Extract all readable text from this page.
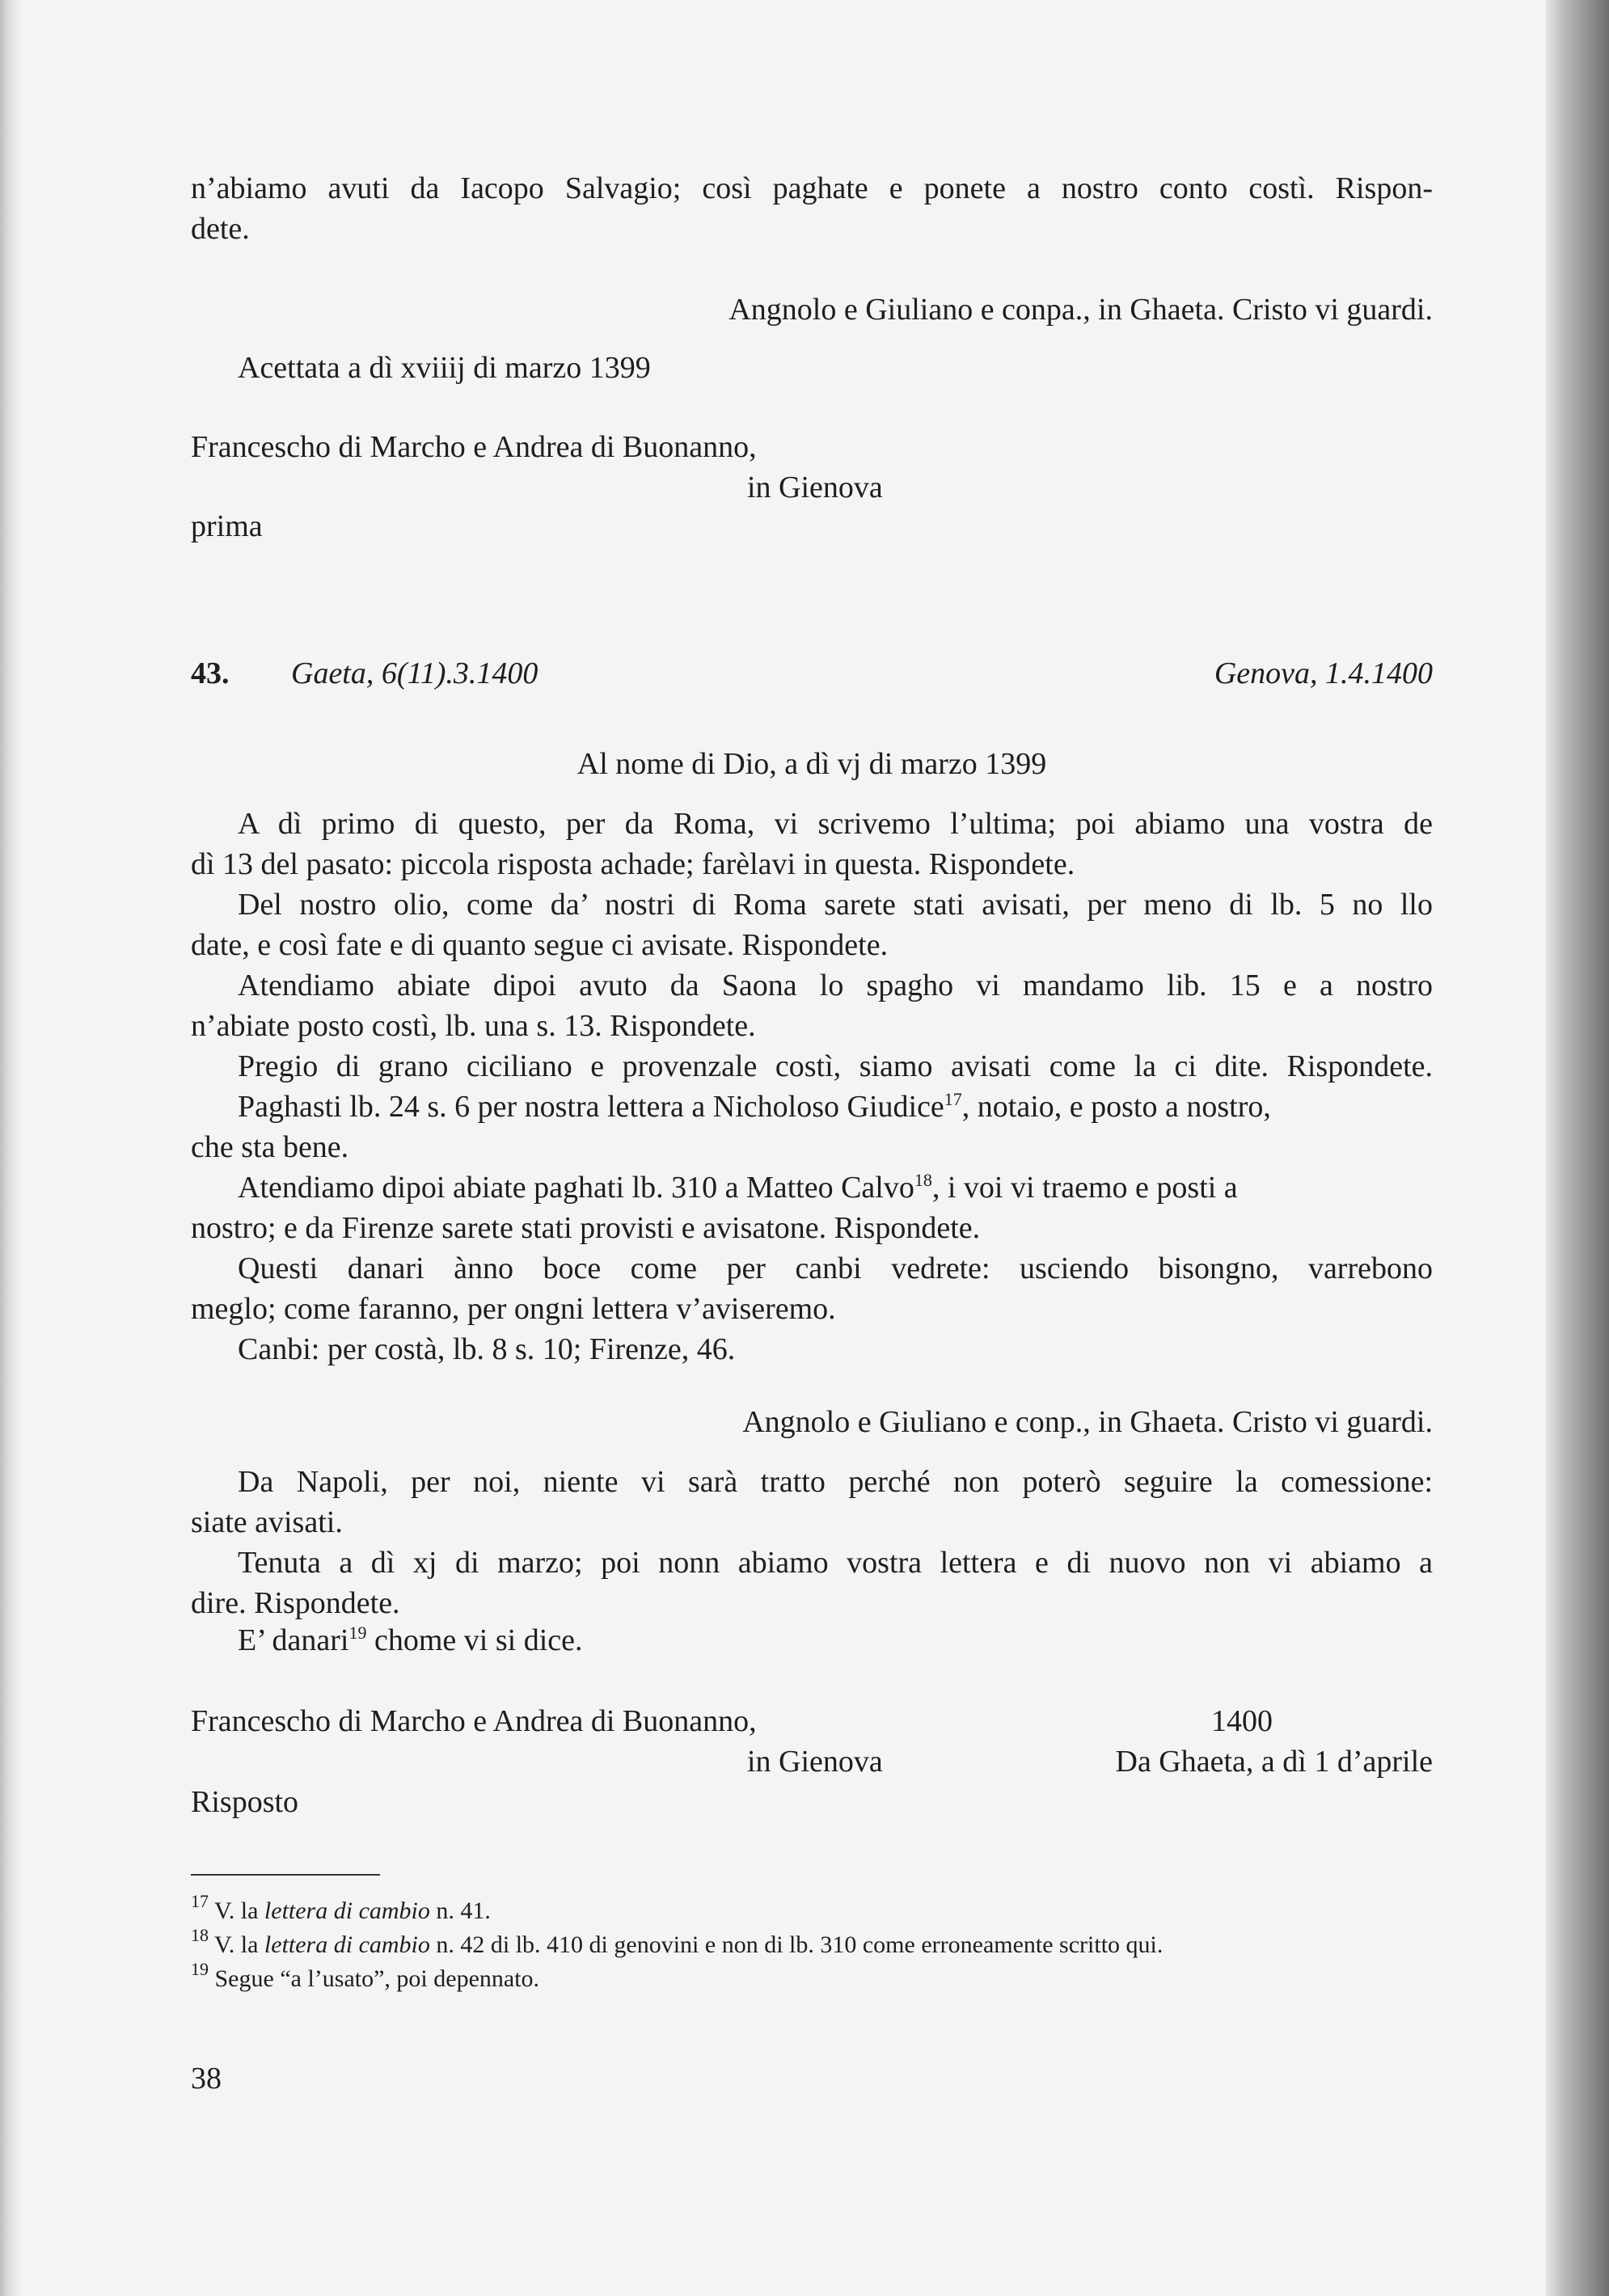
n’abiamo avuti da Iacopo Salvagio; così paghate e ponete a nostro conto costì. Rispon-
dete.
Angnolo e Giuliano e conpa., in Ghaeta. Cristo vi guardi.
Acettata a dì xviiij di marzo 1399
Francescho di Marcho e Andrea di Buonanno,
in Gienova
prima
43. Gaeta, 6(11).3.1400	Genova, 1.4.1400
Al nome di Dio, a dì vj di marzo 1399
A dì primo di questo, per da Roma, vi scrivemo l’ultima; poi abiamo una vostra de
dì 13 del pasato: piccola risposta achade; farèlavi in questa. Rispondete.
Del nostro olio, come da’ nostri di Roma sarete stati avisati, per meno di lb. 5 no llo
date, e così fate e di quanto segue ci avisate. Rispondete.
Atendiamo abiate dipoi avuto da Saona lo spagho vi mandamo lib. 15 e a nostro
n’abiate posto costì, lb. una s. 13. Rispondete.
Pregio di grano ciciliano e provenzale costì, siamo avisati come la ci dite. Rispondete.
Paghasti lb. 24 s. 6 per nostra lettera a Nicholoso Giudice$^{17}$, notaio, e posto a nostro,
che sta bene.
Atendiamo dipoi abiate paghati lb. 310 a Matteo Calvo$^{18}$, i voi vi traemo e posti a
nostro; e da Firenze sarete stati provisti e avisatone. Rispondete.
Questi danari ànno boce come per canbi vedrete: usciendo bisongno, varrebono
meglo; come faranno, per ongni lettera v’aviseremo.
Canbi: per costà, lb. 8 s. 10; Firenze, 46.
Angnolo e Giuliano e conp., in Ghaeta. Cristo vi guardi.
Da Napoli, per noi, niente vi sarà tratto perché non poterò seguire la comessione:
siate avisati.
Tenuta a dì xj di marzo; poi nonn abiamo vostra lettera e di nuovo non vi abiamo a
dire. Rispondete.
E’ danari$^{19}$ chome vi si dice.
Francescho di Marcho e Andrea di Buonanno,	1400
in Gienova	Da Ghaeta, a dì 1 d’aprile
Risposto
$^{17}$ V. la lettera di cambio n. 41.
$^{18}$ V. la lettera di cambio n. 42 di lb. 410 di genovini e non di lb. 310 come erroneamente scritto qui.
$^{19}$ Segue “a l’usato”, poi depennato.
38
